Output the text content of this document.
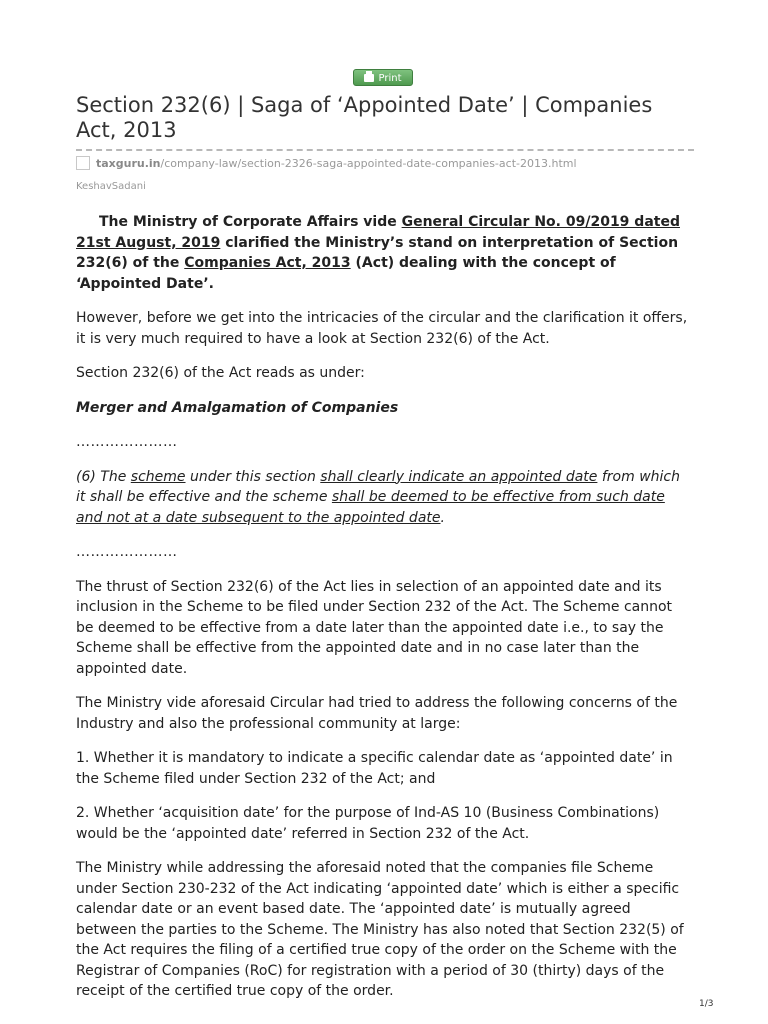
Print
Section 232(6) | Saga of ‘Appointed Date’ | Companies Act, 2013
taxguru.in/company-law/section-2326-saga-appointed-date-companies-act-2013.html
KeshavSadani

The Ministry of Corporate Affairs vide General Circular No. 09/2019 dated 21st August, 2019 clarified the Ministry’s stand on interpretation of Section 232(6) of the Companies Act, 2013 (Act) dealing with the concept of ‘Appointed Date’.

However, before we get into the intricacies of the circular and the clarification it offers, it is very much required to have a look at Section 232(6) of the Act.

Section 232(6) of the Act reads as under:

Merger and Amalgamation of Companies

…………………

(6) The scheme under this section shall clearly indicate an appointed date from which it shall be effective and the scheme shall be deemed to be effective from such date and not at a date subsequent to the appointed date.

…………………

The thrust of Section 232(6) of the Act lies in selection of an appointed date and its inclusion in the Scheme to be filed under Section 232 of the Act. The Scheme cannot be deemed to be effective from a date later than the appointed date i.e., to say the Scheme shall be effective from the appointed date and in no case later than the appointed date.

The Ministry vide aforesaid Circular had tried to address the following concerns of the Industry and also the professional community at large:

1. Whether it is mandatory to indicate a specific calendar date as ‘appointed date’ in the Scheme filed under Section 232 of the Act; and

2. Whether ‘acquisition date’ for the purpose of Ind-AS 10 (Business Combinations) would be the ‘appointed date’ referred in Section 232 of the Act.

The Ministry while addressing the aforesaid noted that the companies file Scheme under Section 230-232 of the Act indicating ‘appointed date’ which is either a specific calendar date or an event based date. The ‘appointed date’ is mutually agreed between the parties to the Scheme. The Ministry has also noted that Section 232(5) of the Act requires the filing of a certified true copy of the order on the Scheme with the Registrar of Companies (RoC) for registration with a period of 30 (thirty) days of the receipt of the certified true copy of the order.

1/3
